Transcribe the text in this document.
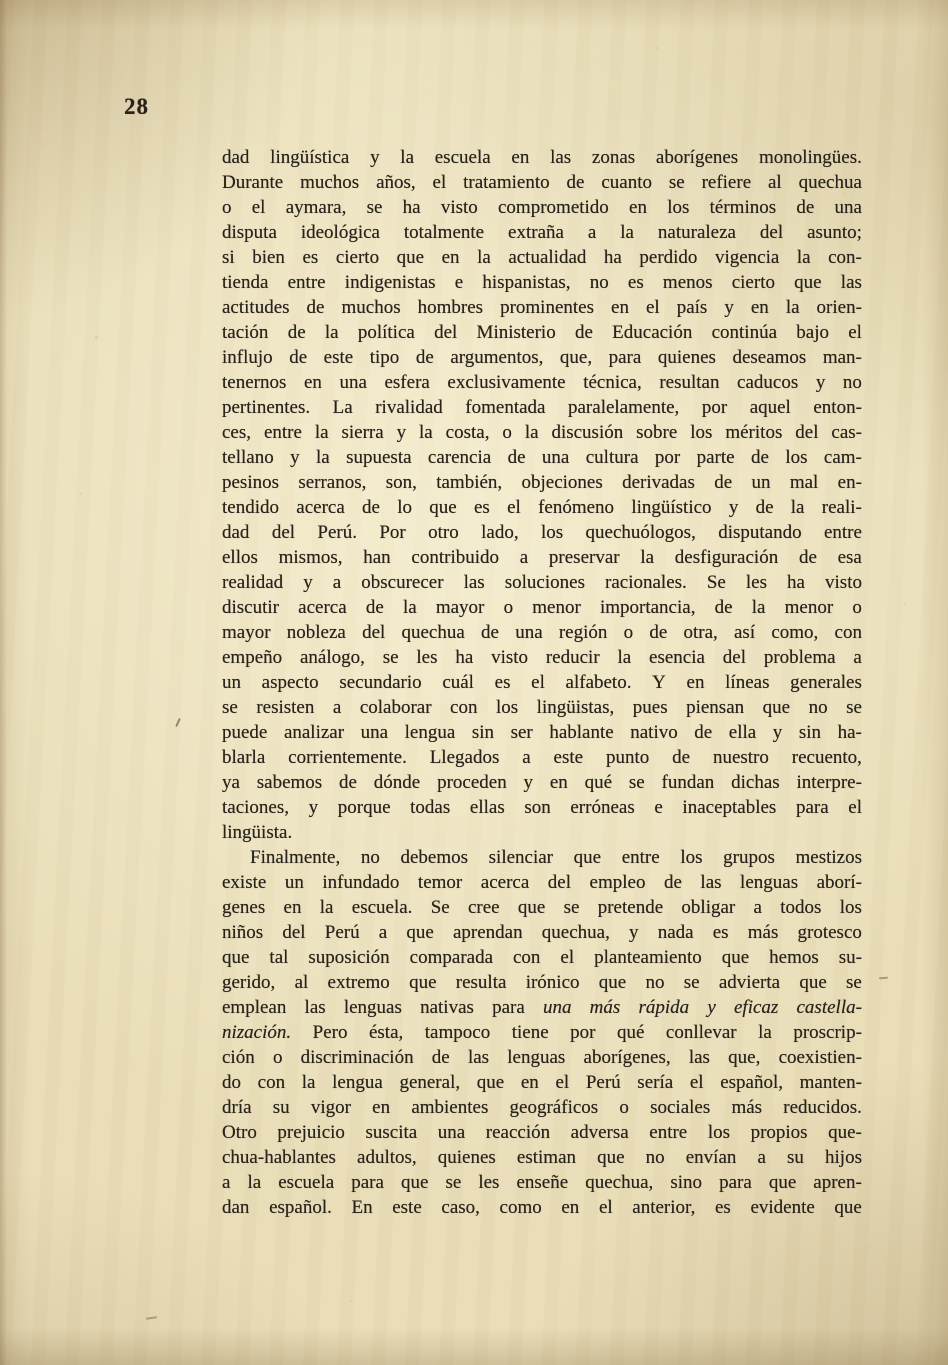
28
dad lingüística y la escuela en las zonas aborígenes monolingües.
Durante muchos años, el tratamiento de cuanto se refiere al quechua
o el aymara, se ha visto comprometido en los términos de una
disputa ideológica totalmente extraña a la naturaleza del asunto;
si bien es cierto que en la actualidad ha perdido vigencia la con-
tienda entre indigenistas e hispanistas, no es menos cierto que las
actitudes de muchos hombres prominentes en el país y en la orien-
tación de la política del Ministerio de Educación continúa bajo el
influjo de este tipo de argumentos, que, para quienes deseamos man-
tenernos en una esfera exclusivamente técnica, resultan caducos y no
pertinentes. La rivalidad fomentada paralelamente, por aquel enton-
ces, entre la sierra y la costa, o la discusión sobre los méritos del cas-
tellano y la supuesta carencia de una cultura por parte de los cam-
pesinos serranos, son, también, objeciones derivadas de un mal en-
tendido acerca de lo que es el fenómeno lingüístico y de la reali-
dad del Perú. Por otro lado, los quechuólogos, disputando entre
ellos mismos, han contribuido a preservar la desfiguración de esa
realidad y a obscurecer las soluciones racionales. Se les ha visto
discutir acerca de la mayor o menor importancia, de la menor o
mayor nobleza del quechua de una región o de otra, así como, con
empeño análogo, se les ha visto reducir la esencia del problema a
un aspecto secundario cuál es el alfabeto. Y en líneas generales
se resisten a colaborar con los lingüistas, pues piensan que no se
puede analizar una lengua sin ser hablante nativo de ella y sin ha-
blarla corrientemente. Llegados a este punto de nuestro recuento,
ya sabemos de dónde proceden y en qué se fundan dichas interpre-
taciones, y porque todas ellas son erróneas e inaceptables para el
lingüista.
Finalmente, no debemos silenciar que entre los grupos mestizos
existe un infundado temor acerca del empleo de las lenguas aborí-
genes en la escuela. Se cree que se pretende obligar a todos los
niños del Perú a que aprendan quechua, y nada es más grotesco
que tal suposición comparada con el planteamiento que hemos su-
gerido, al extremo que resulta irónico que no se advierta que se
emplean las lenguas nativas para una más rápida y eficaz castella-
nización. Pero ésta, tampoco tiene por qué conllevar la proscrip-
ción o discriminación de las lenguas aborígenes, las que, coexistien-
do con la lengua general, que en el Perú sería el español, manten-
dría su vigor en ambientes geográficos o sociales más reducidos.
Otro prejuicio suscita una reacción adversa entre los propios que-
chua-hablantes adultos, quienes estiman que no envían a su hijos
a la escuela para que se les enseñe quechua, sino para que apren-
dan español. En este caso, como en el anterior, es evidente que
